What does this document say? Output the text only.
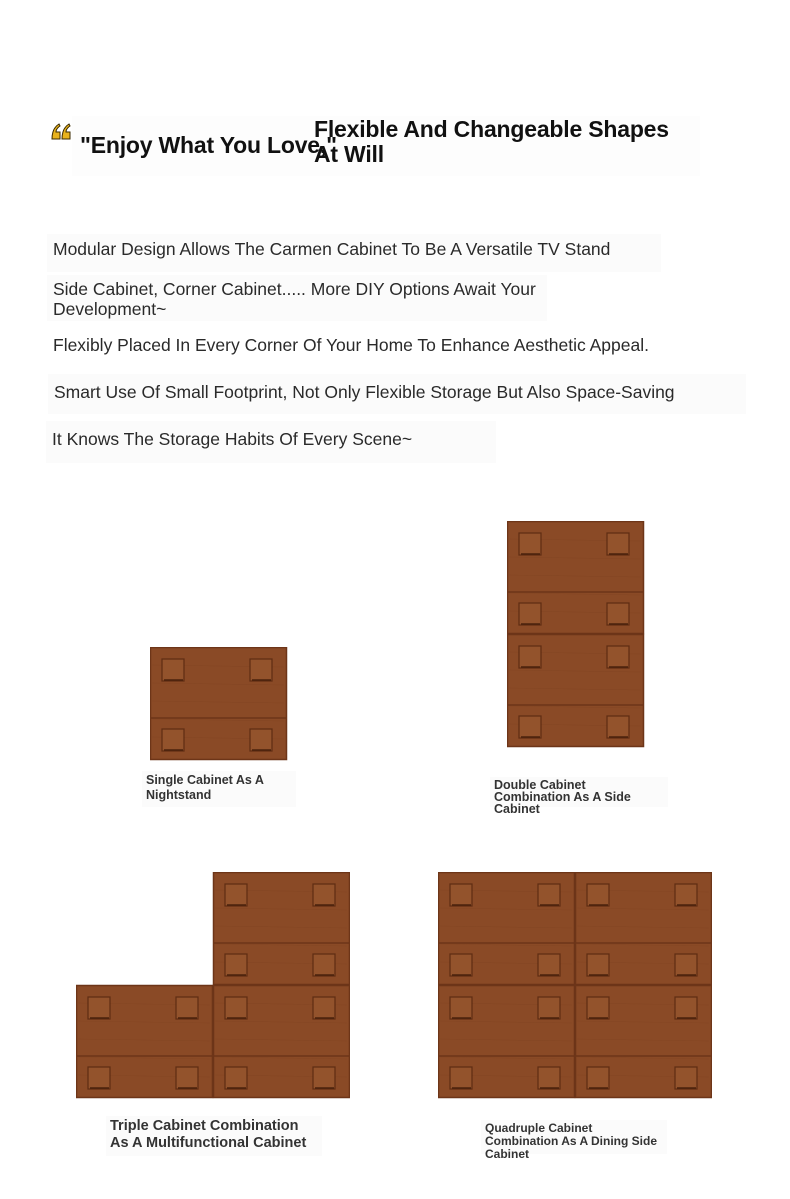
"Enjoy What You Love,"
Flexible And Changeable Shapes At Will
Modular Design Allows The Carmen Cabinet To Be A Versatile TV Stand
Side Cabinet, Corner Cabinet..... More DIY Options Await Your Development~
Flexibly Placed In Every Corner Of Your Home To Enhance Aesthetic Appeal.
Smart Use Of Small Footprint, Not Only Flexible Storage But Also Space-Saving
It Knows The Storage Habits Of Every Scene~
Single Cabinet As A Nightstand
Double Cabinet Combination As A Side Cabinet
Triple Cabinet Combination As A Multifunctional Cabinet
Quadruple Cabinet Combination As A Dining Side Cabinet
